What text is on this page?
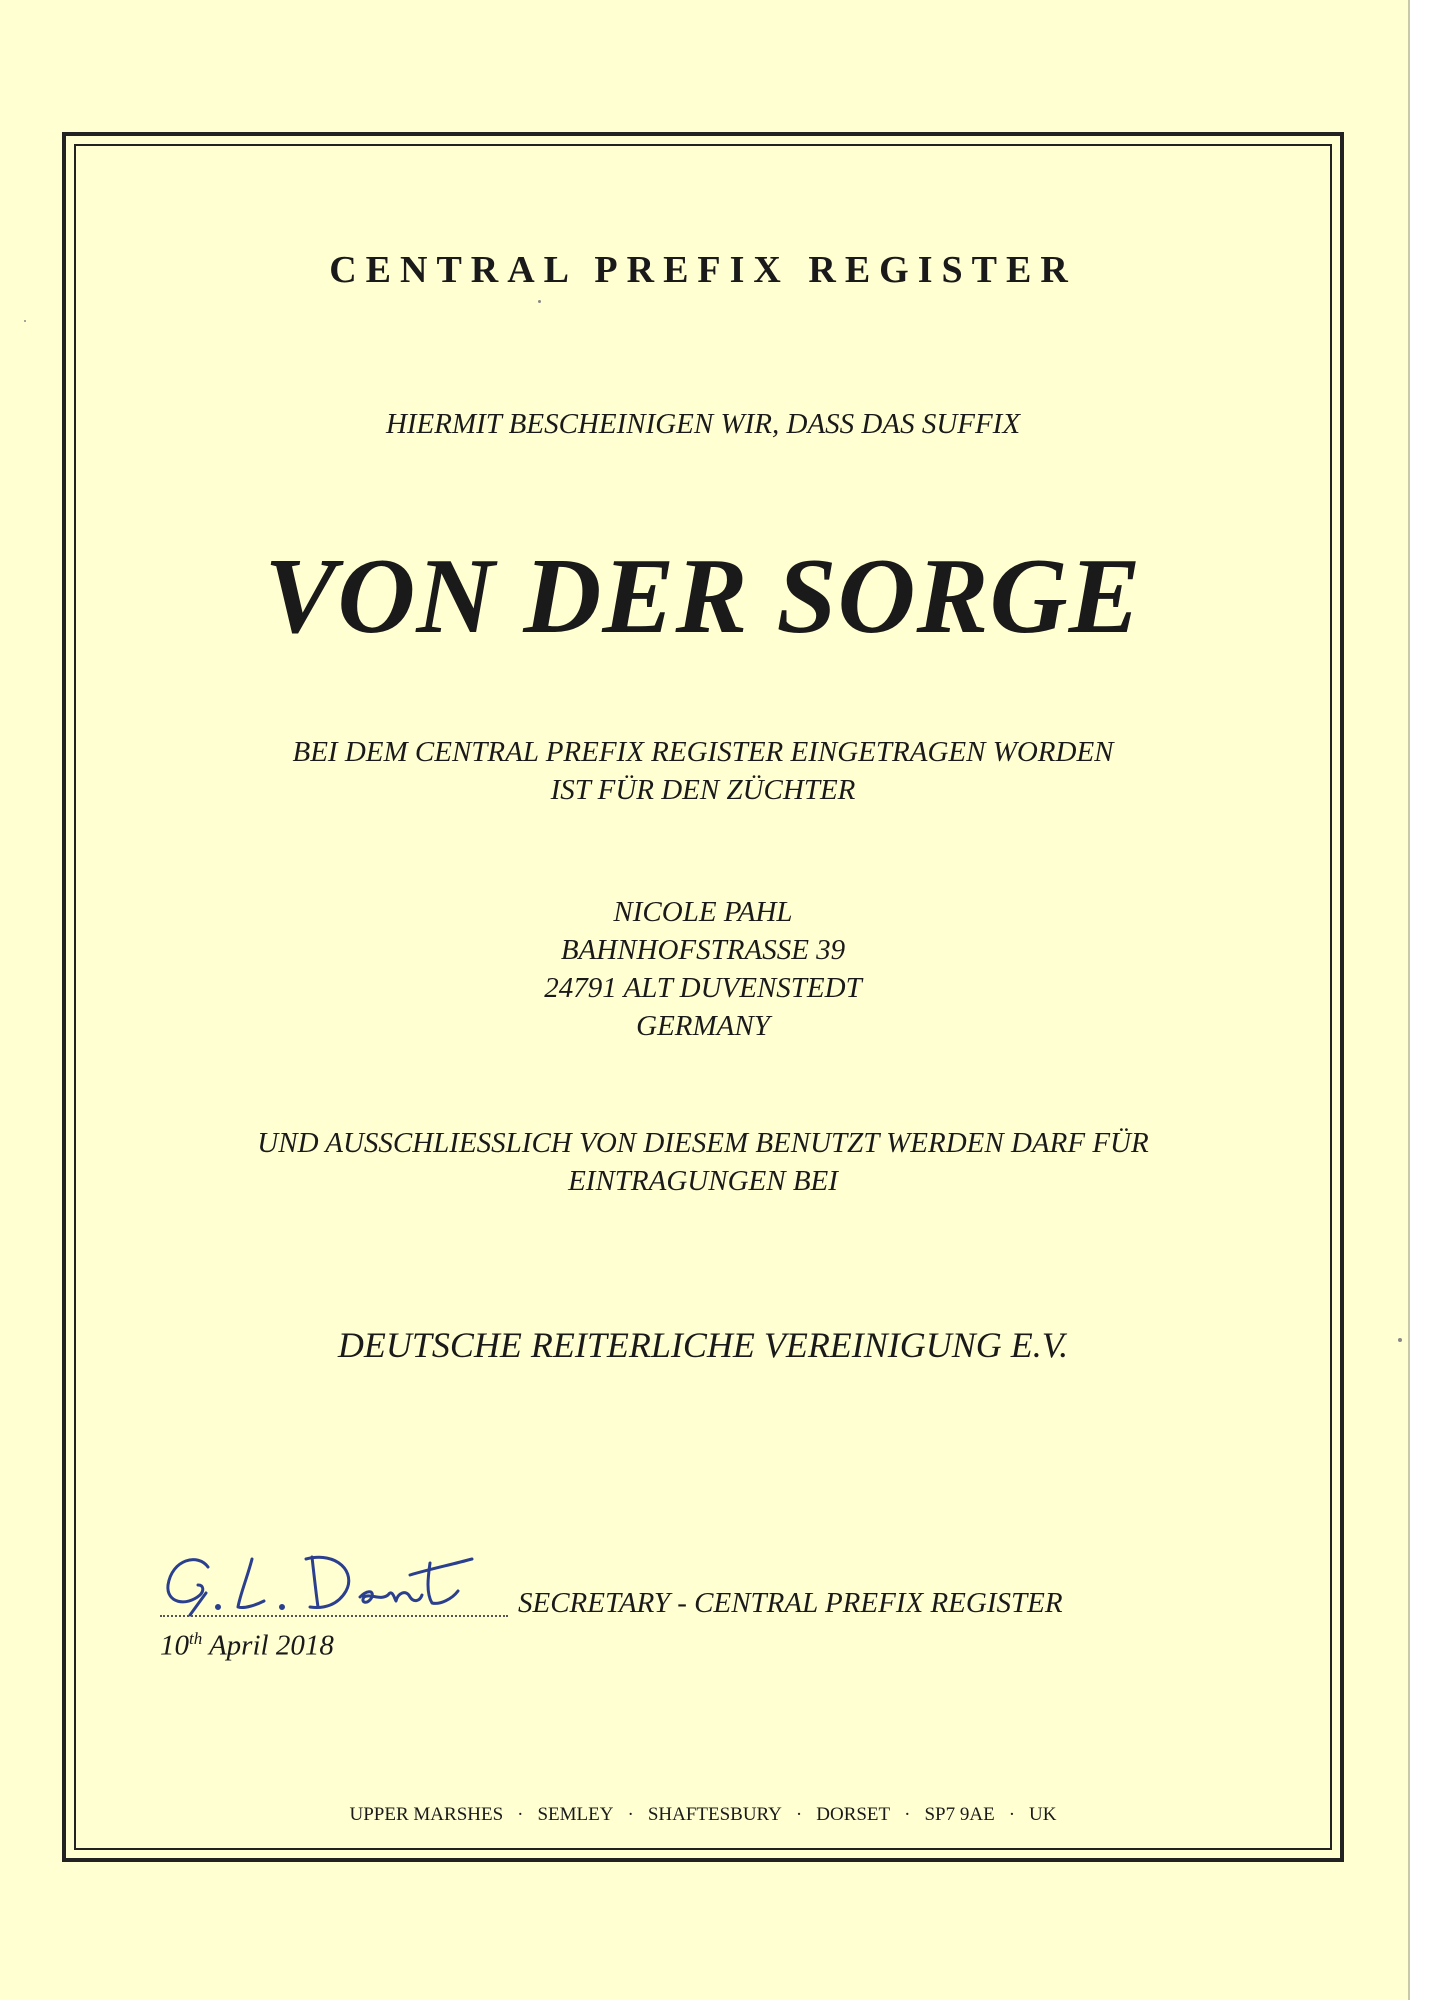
CENTRAL PREFIX REGISTER
HIERMIT BESCHEINIGEN WIR, DASS DAS SUFFIX
VON DER SORGE
BEI DEM CENTRAL PREFIX REGISTER EINGETRAGEN WORDEN
IST FÜR DEN ZÜCHTER
NICOLE PAHL
BAHNHOFSTRASSE 39
24791 ALT DUVENSTEDT
GERMANY
UND AUSSCHLIESSLICH VON DIESEM BENUTZT WERDEN DARF FÜR
EINTRAGUNGEN BEI
DEUTSCHE REITERLICHE VEREINIGUNG E.V.
SECRETARY - CENTRAL PREFIX REGISTER
10th April 2018
UPPER MARSHES · SEMLEY · SHAFTESBURY · DORSET · SP7 9AE · UK
